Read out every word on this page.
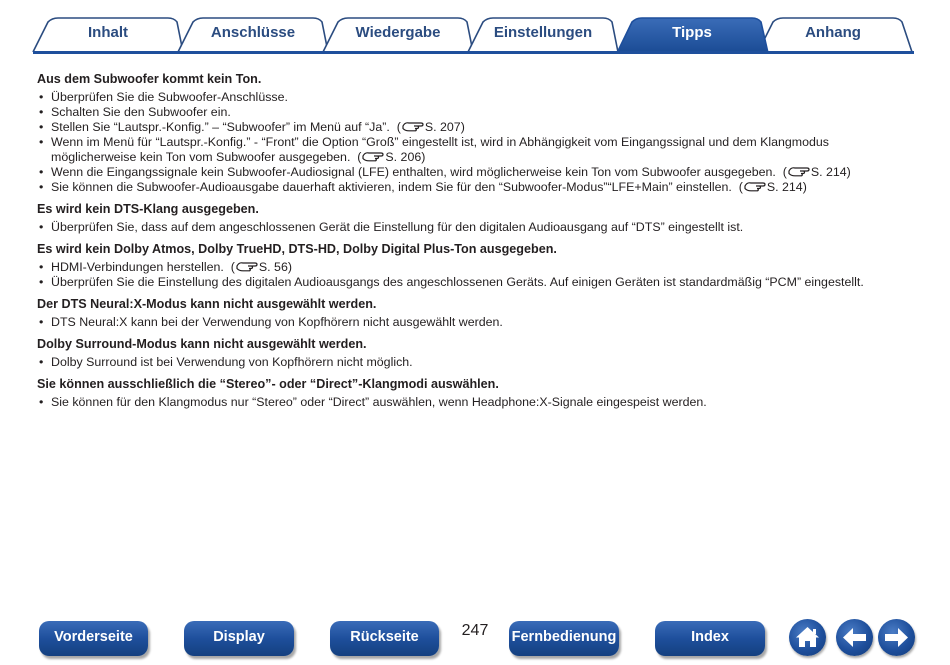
Inhalt	Anschlüsse	Wiedergabe	Einstellungen	Tipps	Anhang
Aus dem Subwoofer kommt kein Ton.
• Überprüfen Sie die Subwoofer-Anschlüsse.
• Schalten Sie den Subwoofer ein.
• Stellen Sie “Lautspr.-Konfig.” – “Subwoofer” im Menü auf “Ja”.  ( S. 207)
• Wenn im Menü für “Lautspr.-Konfig.” - “Front” die Option “Groß” eingestellt ist, wird in Abhängigkeit vom Eingangssignal und dem Klangmodus möglicherweise kein Ton vom Subwoofer ausgegeben.  ( S. 206)
• Wenn die Eingangssignale kein Subwoofer-Audiosignal (LFE) enthalten, wird möglicherweise kein Ton vom Subwoofer ausgegeben.  ( S. 214)
• Sie können die Subwoofer-Audioausgabe dauerhaft aktivieren, indem Sie für den “Subwoofer-Modus”“LFE+Main” einstellen.  ( S. 214)
Es wird kein DTS-Klang ausgegeben.
• Überprüfen Sie, dass auf dem angeschlossenen Gerät die Einstellung für den digitalen Audioausgang auf “DTS” eingestellt ist.
Es wird kein Dolby Atmos, Dolby TrueHD, DTS-HD, Dolby Digital Plus-Ton ausgegeben.
• HDMI-Verbindungen herstellen.  ( S. 56)
• Überprüfen Sie die Einstellung des digitalen Audioausgangs des angeschlossenen Geräts. Auf einigen Geräten ist standardmäßig “PCM” eingestellt.
Der DTS Neural:X-Modus kann nicht ausgewählt werden.
• DTS Neural:X kann bei der Verwendung von Kopfhörern nicht ausgewählt werden.
Dolby Surround-Modus kann nicht ausgewählt werden.
• Dolby Surround ist bei Verwendung von Kopfhörern nicht möglich.
Sie können ausschließlich die “Stereo”- oder “Direct”-Klangmodi auswählen.
• Sie können für den Klangmodus nur “Stereo” oder “Direct” auswählen, wenn Headphone:X-Signale eingespeist werden.
Vorderseite	Display	Rückseite	247	Fernbedienung	Index
